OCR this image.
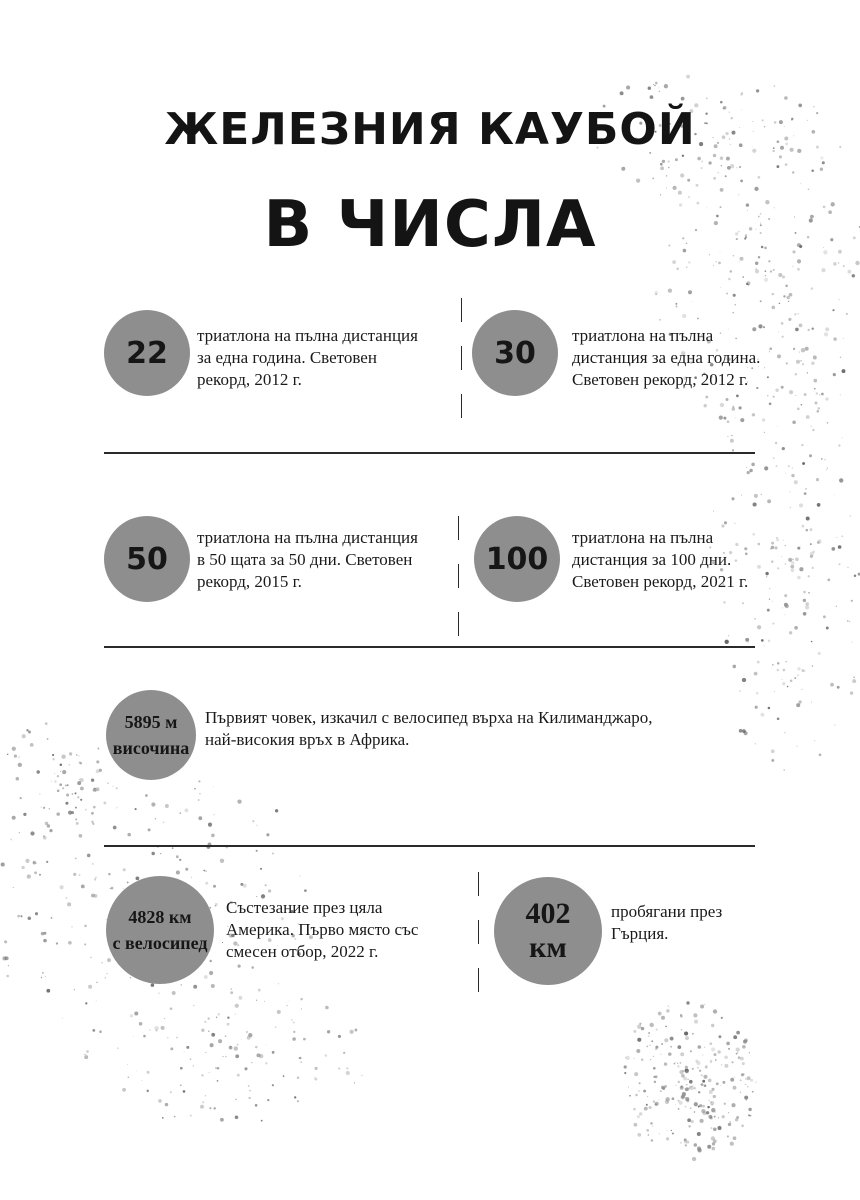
ЖЕЛЕЗНИЯ КАУБОЙ
В ЧИСЛА
22 триатлона на пълна дистанция
за една година. Световен
рекорд, 2012 г.
30 триатлона на пълна
дистанция за една година.
Световен рекорд, 2012 г.
50
триатлона на пълна дистанция
в 50 щата за 50 дни. Световен
рекорд, 2015 г.
100
триатлона на пълна
дистанция за 100 дни.
Световен рекорд, 2021 г.
5895 м
височина
Първият човек, изкачил с велосипед върха на Килиманджаро,
най-високия връх в Африка.
4828 км
с велосипед
Състезание през цяла
Америка. Първо място със
смесен отбор, 2022 г.
402
км
пробягани през
Гърция.
